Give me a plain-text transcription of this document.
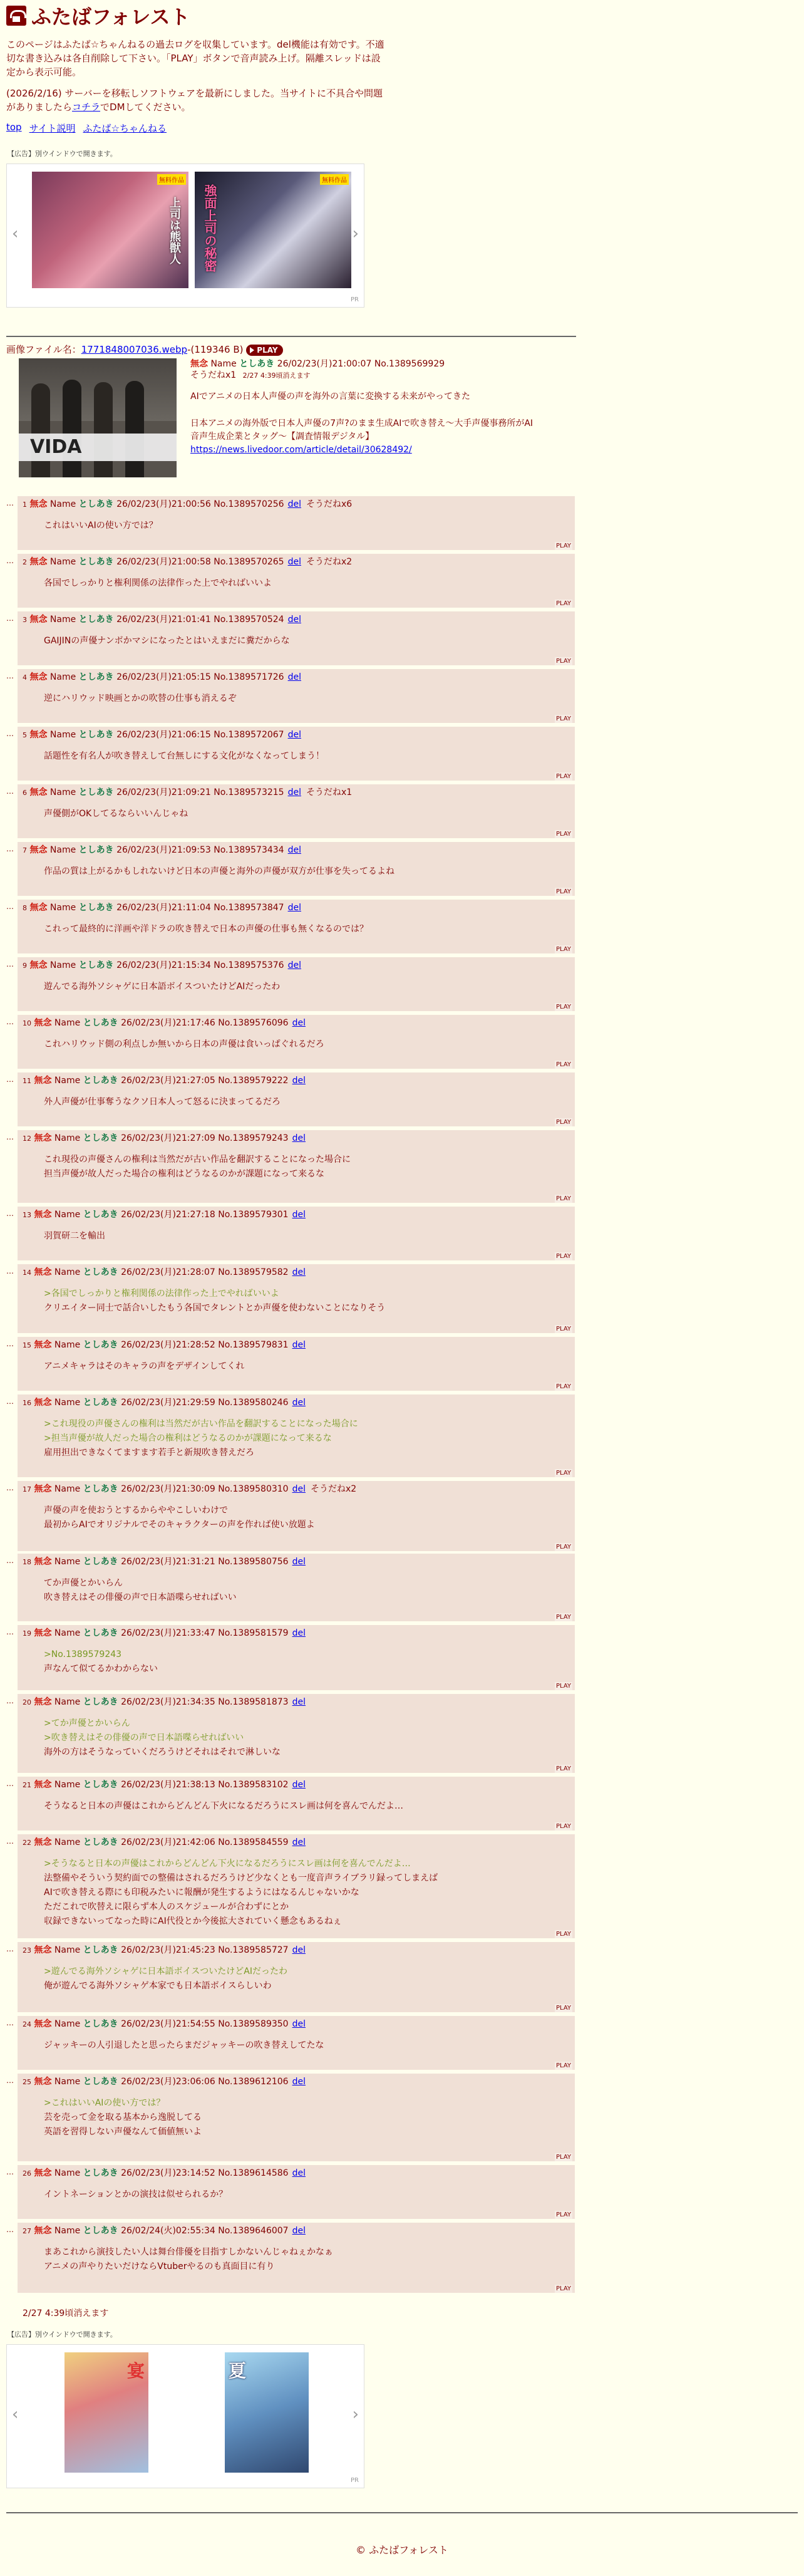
ふたばフォレスト
このページはふたば☆ちゃんねるの過去ログを収集しています。del機能は有効です。不適切な書き込みは各自削除して下さい。「PLAY」ボタンで音声読み上げ。隔離スレッドは設定から表示可能。
(2026/2/16) サーバーを移転しソフトウェアを最新にしました。当サイトに不具合や問題がありましたらコチラでDMしてください。
top サイト説明 ふたば☆ちゃんねる
【広告】別ウインドウで開きます。
‹
無料作品
上司は熊獣人
無料作品
強面上司の秘密	›
PR
画像ファイル名：1771848007036.webp-(119346 B) PLAY
VIDA
無念 Name としあき 26/02/23(月)21:00:07 No.1389569929
そうだねx1 2/27 4:39頃消えます
AIでアニメの日本人声優の声を海外の言葉に変換する未来がやってきた
日本アニメの海外版で日本人声優の7声?のまま生成AIで吹き替え〜大手声優事務所がAI音声生成企業とタッグ〜【調査情報デジタル】
https://news.livedoor.com/article/detail/30628492/
…	1 無念 Name としあき 26/02/23(月)21:00:56 No.1389570256 del そうだねx6
これはいいAIの使い方では？
PLAY
…	2 無念 Name としあき 26/02/23(月)21:00:58 No.1389570265 del そうだねx2
各国でしっかりと権利関係の法律作った上でやればいいよ
PLAY
…	3 無念 Name としあき 26/02/23(月)21:01:41 No.1389570524 del
GAIJINの声優ナンボかマシになったとはいえまだに糞だからな
PLAY
…	4 無念 Name としあき 26/02/23(月)21:05:15 No.1389571726 del
逆にハリウッド映画とかの吹替の仕事も消えるぞ
PLAY
…	5 無念 Name としあき 26/02/23(月)21:06:15 No.1389572067 del
話題性を有名人が吹き替えして台無しにする文化がなくなってしまう！
PLAY
…	6 無念 Name としあき 26/02/23(月)21:09:21 No.1389573215 del そうだねx1
声優側がOKしてるならいいんじゃね
PLAY
…	7 無念 Name としあき 26/02/23(月)21:09:53 No.1389573434 del
作品の質は上がるかもしれないけど日本の声優と海外の声優が双方が仕事を失ってるよね
PLAY
…	8 無念 Name としあき 26/02/23(月)21:11:04 No.1389573847 del
これって最終的に洋画や洋ドラの吹き替えで日本の声優の仕事も無くなるのでは？
PLAY
…	9 無念 Name としあき 26/02/23(月)21:15:34 No.1389575376 del
遊んでる海外ソシャゲに日本語ボイスついたけどAIだったわ
PLAY
…	10 無念 Name としあき 26/02/23(月)21:17:46 No.1389576096 del
これハリウッド側の利点しか無いから日本の声優は食いっぱぐれるだろ
PLAY
…	11 無念 Name としあき 26/02/23(月)21:27:05 No.1389579222 del
外人声優が仕事奪うなクソ日本人って怒るに決まってるだろ
PLAY
…	12 無念 Name としあき 26/02/23(月)21:27:09 No.1389579243 del
これ現役の声優さんの権利は当然だが古い作品を翻訳することになった場合に
担当声優が故人だった場合の権利はどうなるのかが課題になって来るな
PLAY
…	13 無念 Name としあき 26/02/23(月)21:27:18 No.1389579301 del
羽賀研二を輸出
PLAY
…	14 無念 Name としあき 26/02/23(月)21:28:07 No.1389579582 del
>各国でしっかりと権利関係の法律作った上でやればいいよ
クリエイター同士で話合いしたもう各国でタレントとか声優を使わないことになりそう
PLAY
…	15 無念 Name としあき 26/02/23(月)21:28:52 No.1389579831 del
アニメキャラはそのキャラの声をデザインしてくれ
PLAY
…	16 無念 Name としあき 26/02/23(月)21:29:59 No.1389580246 del
>これ現役の声優さんの権利は当然だが古い作品を翻訳することになった場合に
>担当声優が故人だった場合の権利はどうなるのかが課題になって来るな
雇用担出できなくてますます若手と新規吹き替えだろ
PLAY
…	17 無念 Name としあき 26/02/23(月)21:30:09 No.1389580310 del そうだねx2
声優の声を使おうとするからややこしいわけで
最初からAIでオリジナルでそのキャラクターの声を作れば使い放題よ
PLAY
…	18 無念 Name としあき 26/02/23(月)21:31:21 No.1389580756 del
てか声優とかいらん
吹き替えはその俳優の声で日本語喋らせればいい
PLAY
…	19 無念 Name としあき 26/02/23(月)21:33:47 No.1389581579 del
>No.1389579243
声なんて似てるかわからない
PLAY
…	20 無念 Name としあき 26/02/23(月)21:34:35 No.1389581873 del
>てか声優とかいらん
>吹き替えはその俳優の声で日本語喋らせればいい
海外の方はそうなっていくだろうけどそれはそれで淋しいな
PLAY
…	21 無念 Name としあき 26/02/23(月)21:38:13 No.1389583102 del
そうなると日本の声優はこれからどんどん下火になるだろうにスレ画は何を喜んでんだよ…
PLAY
…	22 無念 Name としあき 26/02/23(月)21:42:06 No.1389584559 del
>そうなると日本の声優はこれからどんどん下火になるだろうにスレ画は何を喜んでんだよ…
法整備やそういう契約面での整備はされるだろうけど少なくとも一度音声ライブラリ録ってしまえば
AIで吹き替える際にも印税みたいに報酬が発生するようにはなるんじゃないかな
ただこれで吹替えに限らず本人のスケジュールが合わずにとか
収録できないってなった時にAI代役とか今後拡大されていく懸念もあるねぇ
PLAY
…	23 無念 Name としあき 26/02/23(月)21:45:23 No.1389585727 del
>遊んでる海外ソシャゲに日本語ボイスついたけどAIだったわ
俺が遊んでる海外ソシャゲ本家でも日本語ボイスらしいわ
PLAY
…	24 無念 Name としあき 26/02/23(月)21:54:55 No.1389589350 del
ジャッキーの人引退したと思ったらまだジャッキーの吹き替えしてたな
PLAY
…	25 無念 Name としあき 26/02/23(月)23:06:06 No.1389612106 del
>これはいいAIの使い方では？
芸を売って金を取る基本から逸脱してる
英語を習得しない声優なんて価値無いよ
PLAY
…	26 無念 Name としあき 26/02/23(月)23:14:52 No.1389614586 del
イントネーションとかの演技は似せられるか？
PLAY
…	27 無念 Name としあき 26/02/24(火)02:55:34 No.1389646007 del
まあこれから演技したい人は舞台俳優を目指すしかないんじゃねぇかなぁ
アニメの声やりたいだけならVtuberやるのも真面目に有り
PLAY
2/27 4:39頃消えます
【広告】別ウインドウで開きます。
‹
宴	夏
›
PR
© ふたばフォレスト
